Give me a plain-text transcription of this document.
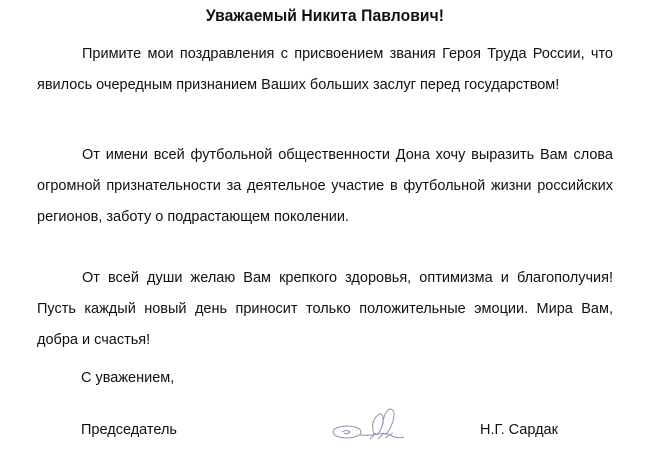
Уважаемый Никита Павлович!
Примите мои поздравления с присвоением звания Героя Труда России, что явилось очередным признанием Ваших больших заслуг перед государством!
От имени всей футбольной общественности Дона хочу выразить Вам слова огромной признательности за деятельное участие в футбольной жизни российских регионов, заботу о подрастающем поколении.
От всей души желаю Вам крепкого здоровья, оптимизма и благополучия! Пусть каждый новый день приносит только положительные эмоции. Мира Вам, добра и счастья!
С уважением,
Председатель	Н.Г. Сардак
